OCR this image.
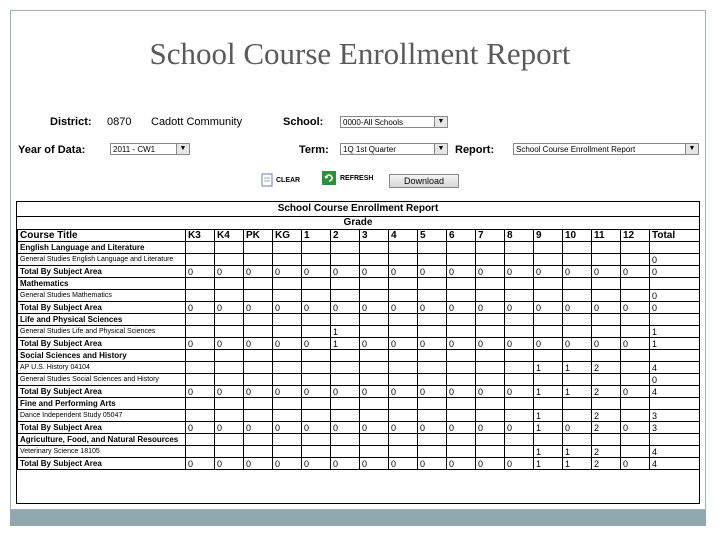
School Course Enrollment Report
District: 0870 Cadott Community	School:	0000-All Schools	▼
Year of Data:	2011 - CW1	▼	Term:	1Q 1st Quarter	▼ Report:	School Course Enrollment Report	▼
CLEAR	REFRESH	Download
School Course Enrollment Report
Grade
Course Title	K3	K4	PK	KG	1	2	3	4	5	6	7	8	9	10	11	12	Total
English Language and Literature																	
General Studies English Language and Literature																	0
Total By Subject Area	0	0	0	0	0	0	0	0	0	0	0	0	0	0	0	0	0
Mathematics																	
General Studies Mathematics																	0
Total By Subject Area	0	0	0	0	0	0	0	0	0	0	0	0	0	0	0	0	0
Life and Physical Sciences																	
General Studies Life and Physical Sciences						1											1
Total By Subject Area	0	0	0	0	0	1	0	0	0	0	0	0	0	0	0	0	1
Social Sciences and History																	
AP U.S. History 04104													1	1	2		4
General Studies Social Sciences and History																	0
Total By Subject Area	0	0	0	0	0	0	0	0	0	0	0	0	1	1	2	0	4
Fine and Performing Arts																	
Dance Independent Study 05047													1		2		3
Total By Subject Area	0	0	0	0	0	0	0	0	0	0	0	0	1	0	2	0	3
Agriculture, Food, and Natural Resources																	
Veterinary Science 18105													1	1	2		4
Total By Subject Area	0	0	0	0	0	0	0	0	0	0	0	0	1	1	2	0	4
